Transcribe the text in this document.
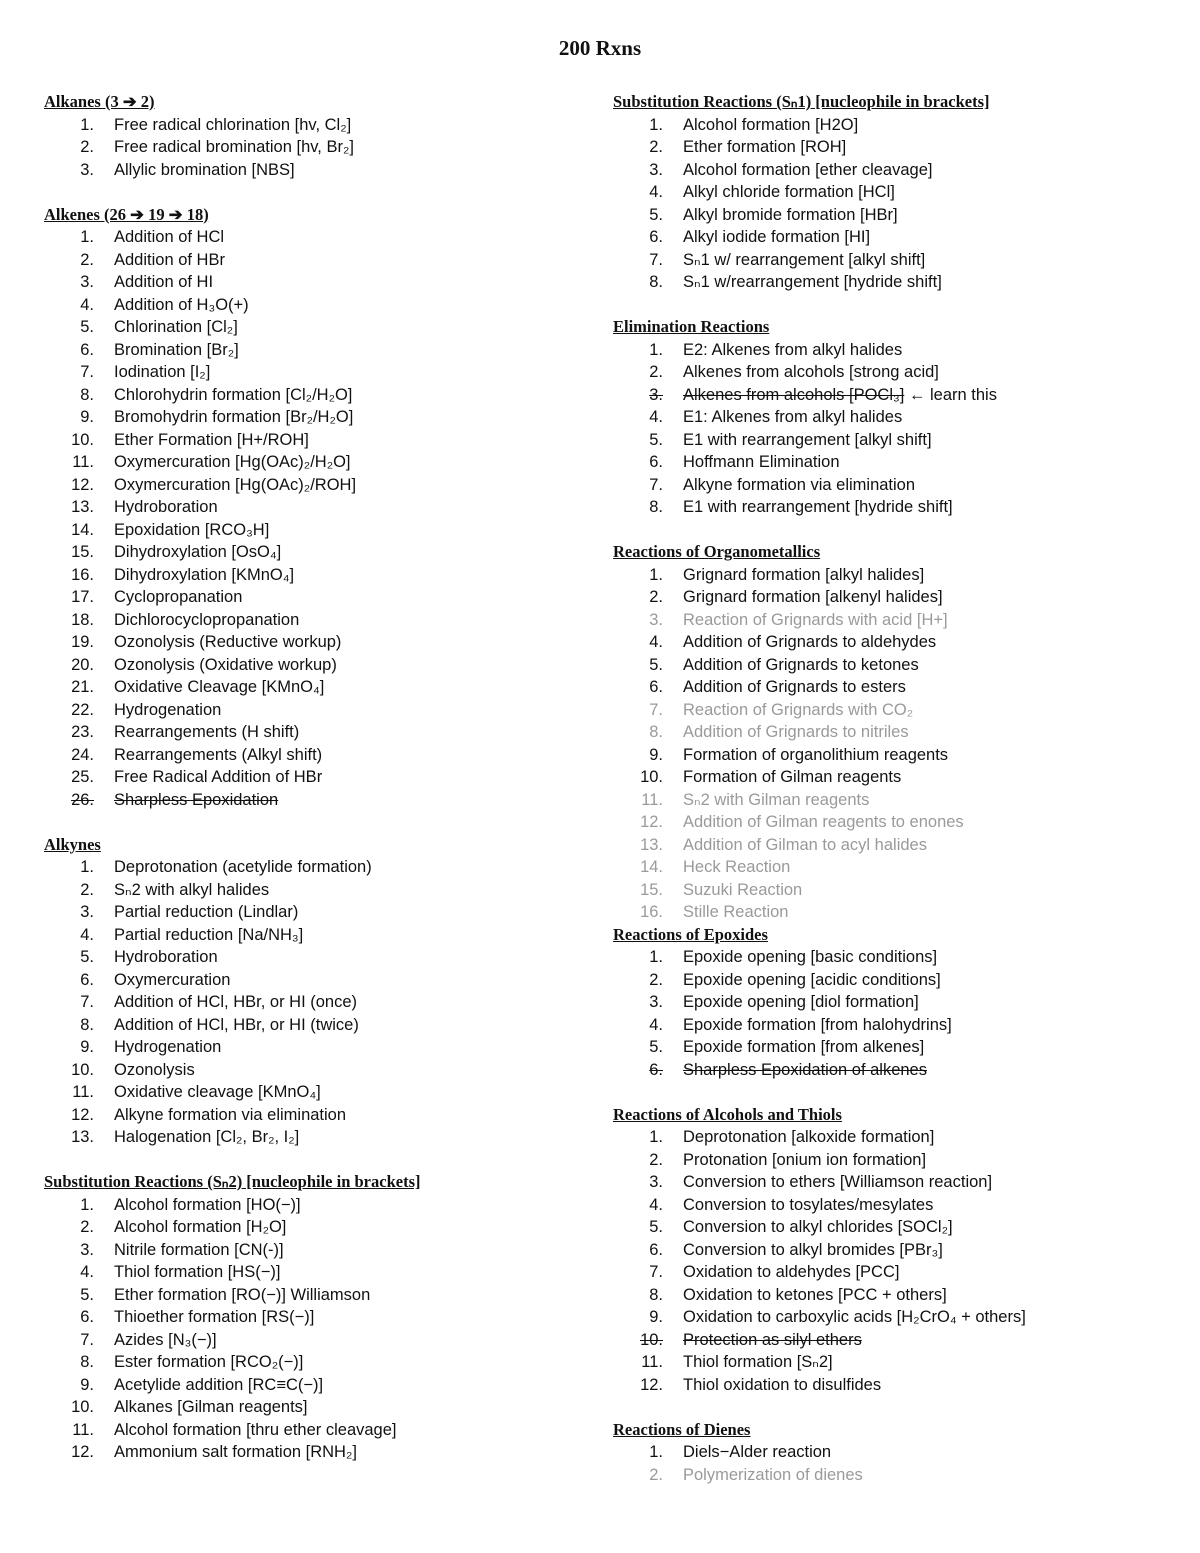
200 Rxns
Alkanes (3 ➔ 2)
1. Free radical chlorination [hv, Cl₂]
2. Free radical bromination [hv, Br₂]
3. Allylic bromination [NBS]
Alkenes (26 ➔ 19 ➔ 18)
1. Addition of HCl
2. Addition of HBr
3. Addition of HI
4. Addition of H₃O(+)
5. Chlorination [Cl₂]
6. Bromination [Br₂]
7. Iodination [I₂]
8. Chlorohydrin formation [Cl₂/H₂O]
9. Bromohydrin formation [Br₂/H₂O]
10. Ether Formation [H+/ROH]
11. Oxymercuration [Hg(OAc)₂/H₂O]
12. Oxymercuration [Hg(OAc)₂/ROH]
13. Hydroboration
14. Epoxidation [RCO₃H]
15. Dihydroxylation [OsO₄]
16. Dihydroxylation [KMnO₄]
17. Cyclopropanation
18. Dichlorocyclopropanation
19. Ozonolysis (Reductive workup)
20. Ozonolysis (Oxidative workup)
21. Oxidative Cleavage [KMnO₄]
22. Hydrogenation
23. Rearrangements (H shift)
24. Rearrangements (Alkyl shift)
25. Free Radical Addition of HBr
26. Sharpless Epoxidation
Alkynes
1. Deprotonation (acetylide formation)
2. Sₙ2 with alkyl halides
3. Partial reduction (Lindlar)
4. Partial reduction [Na/NH₃]
5. Hydroboration
6. Oxymercuration
7. Addition of HCl, HBr, or HI (once)
8. Addition of HCl, HBr, or HI (twice)
9. Hydrogenation
10. Ozonolysis
11. Oxidative cleavage [KMnO₄]
12. Alkyne formation via elimination
13. Halogenation [Cl₂, Br₂, I₂]
Substitution Reactions (Sₙ2) [nucleophile in brackets]
1. Alcohol formation [HO(−)]
2. Alcohol formation [H₂O]
3. Nitrile formation [CN(-)]
4. Thiol formation [HS(−)]
5. Ether formation [RO(−)] Williamson
6. Thioether formation [RS(−)]
7. Azides [N₃(−)]
8. Ester formation [RCO₂(−)]
9. Acetylide addition [RC≡C(−)]
10. Alkanes [Gilman reagents]
11. Alcohol formation [thru ether cleavage]
12. Ammonium salt formation [RNH₂]
Substitution Reactions (Sₙ1) [nucleophile in brackets]
1. Alcohol formation [H2O]
2. Ether formation [ROH]
3. Alcohol formation [ether cleavage]
4. Alkyl chloride formation [HCl]
5. Alkyl bromide formation [HBr]
6. Alkyl iodide formation [HI]
7. Sₙ1 w/ rearrangement [alkyl shift]
8. Sₙ1 w/rearrangement [hydride shift]
Elimination Reactions
1. E2: Alkenes from alkyl halides
2. Alkenes from alcohols [strong acid]
3. Alkenes from alcohols [POCl₃] ← learn this
4. E1: Alkenes from alkyl halides
5. E1 with rearrangement [alkyl shift]
6. Hoffmann Elimination
7. Alkyne formation via elimination
8. E1 with rearrangement [hydride shift]
Reactions of Organometallics
1. Grignard formation [alkyl halides]
2. Grignard formation [alkenyl halides]
3. Reaction of Grignards with acid [H+]
4. Addition of Grignards to aldehydes
5. Addition of Grignards to ketones
6. Addition of Grignards to esters
7. Reaction of Grignards with CO₂
8. Addition of Grignards to nitriles
9. Formation of organolithium reagents
10. Formation of Gilman reagents
11. Sₙ2 with Gilman reagents
12. Addition of Gilman reagents to enones
13. Addition of Gilman to acyl halides
14. Heck Reaction
15. Suzuki Reaction
16. Stille Reaction
Reactions of Epoxides
1. Epoxide opening [basic conditions]
2. Epoxide opening [acidic conditions]
3. Epoxide opening [diol formation]
4. Epoxide formation [from halohydrins]
5. Epoxide formation [from alkenes]
6. Sharpless Epoxidation of alkenes
Reactions of Alcohols and Thiols
1. Deprotonation [alkoxide formation]
2. Protonation [onium ion formation]
3. Conversion to ethers [Williamson reaction]
4. Conversion to tosylates/mesylates
5. Conversion to alkyl chlorides [SOCl₂]
6. Conversion to alkyl bromides [PBr₃]
7. Oxidation to aldehydes [PCC]
8. Oxidation to ketones [PCC + others]
9. Oxidation to carboxylic acids [H₂CrO₄ + others]
10. Protection as silyl ethers
11. Thiol formation [Sₙ2]
12. Thiol oxidation to disulfides
Reactions of Dienes
1. Diels−Alder reaction
2. Polymerization of dienes
